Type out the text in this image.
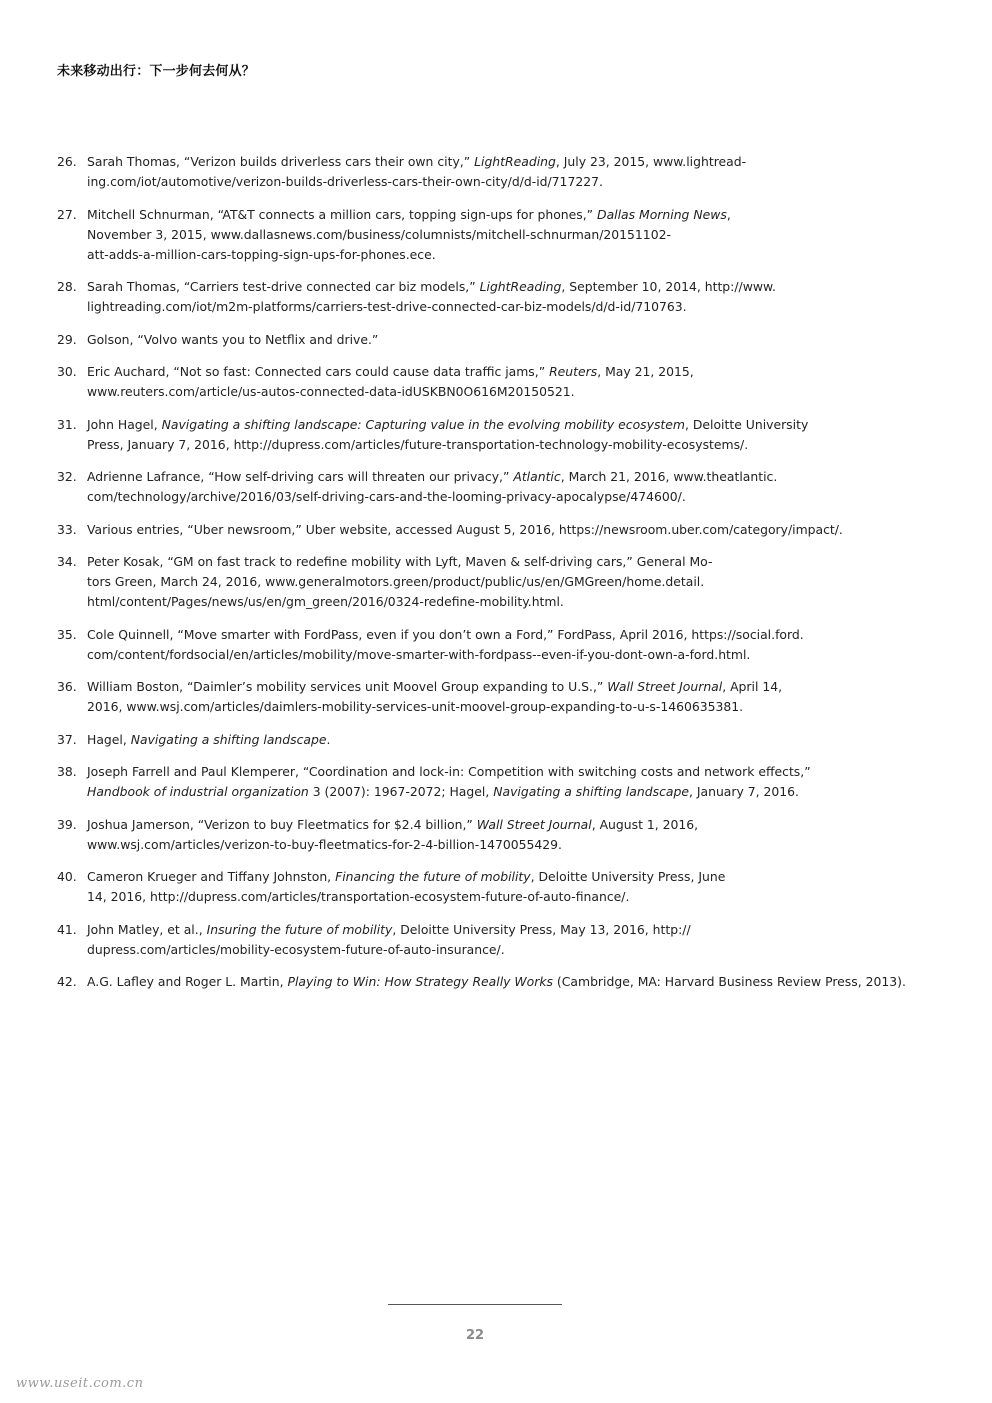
未来移动出行：下一步何去何从？
26. Sarah Thomas, “Verizon builds driverless cars their own city,” LightReading, July 23, 2015, www.lightread-
ing.com/iot/automotive/verizon-builds-driverless-cars-their-own-city/d/d-id/717227.
27. Mitchell Schnurman, “AT&T connects a million cars, topping sign-ups for phones,” Dallas Morning News,
November 3, 2015, www.dallasnews.com/business/columnists/mitchell-schnurman/20151102-
att-adds-a-million-cars-topping-sign-ups-for-phones.ece.
28. Sarah Thomas, “Carriers test-drive connected car biz models,” LightReading, September 10, 2014, http://www.
lightreading.com/iot/m2m-platforms/carriers-test-drive-connected-car-biz-models/d/d-id/710763.
29. Golson, “Volvo wants you to Netflix and drive.”
30. Eric Auchard, “Not so fast: Connected cars could cause data traffic jams,” Reuters, May 21, 2015,
www.reuters.com/article/us-autos-connected-data-idUSKBN0O616M20150521.
31. John Hagel, Navigating a shifting landscape: Capturing value in the evolving mobility ecosystem, Deloitte University
Press, January 7, 2016, http://dupress.com/articles/future-transportation-technology-mobility-ecosystems/.
32. Adrienne Lafrance, “How self-driving cars will threaten our privacy,” Atlantic, March 21, 2016, www.theatlantic.
com/technology/archive/2016/03/self-driving-cars-and-the-looming-privacy-apocalypse/474600/.
33. Various entries, “Uber newsroom,” Uber website, accessed August 5, 2016, https://newsroom.uber.com/category/impact/.
34. Peter Kosak, “GM on fast track to redefine mobility with Lyft, Maven & self-driving cars,” General Mo-
tors Green, March 24, 2016, www.generalmotors.green/product/public/us/en/GMGreen/home.detail.
html/content/Pages/news/us/en/gm_green/2016/0324-redefine-mobility.html.
35. Cole Quinnell, “Move smarter with FordPass, even if you don’t own a Ford,” FordPass, April 2016, https://social.ford.
com/content/fordsocial/en/articles/mobility/move-smarter-with-fordpass--even-if-you-dont-own-a-ford.html.
36. William Boston, “Daimler’s mobility services unit Moovel Group expanding to U.S.,” Wall Street Journal, April 14,
2016, www.wsj.com/articles/daimlers-mobility-services-unit-moovel-group-expanding-to-u-s-1460635381.
37. Hagel, Navigating a shifting landscape.
38. Joseph Farrell and Paul Klemperer, “Coordination and lock-in: Competition with switching costs and network effects,”
Handbook of industrial organization 3 (2007): 1967-2072; Hagel, Navigating a shifting landscape, January 7, 2016.
39. Joshua Jamerson, “Verizon to buy Fleetmatics for $2.4 billion,” Wall Street Journal, August 1, 2016,
www.wsj.com/articles/verizon-to-buy-fleetmatics-for-2-4-billion-1470055429.
40. Cameron Krueger and Tiffany Johnston, Financing the future of mobility, Deloitte University Press, June
14, 2016, http://dupress.com/articles/transportation-ecosystem-future-of-auto-finance/.
41. John Matley, et al., Insuring the future of mobility, Deloitte University Press, May 13, 2016, http://
dupress.com/articles/mobility-ecosystem-future-of-auto-insurance/.
42. A.G. Lafley and Roger L. Martin, Playing to Win: How Strategy Really Works (Cambridge, MA: Harvard Business Review Press, 2013).
22
www.useit.com.cn
